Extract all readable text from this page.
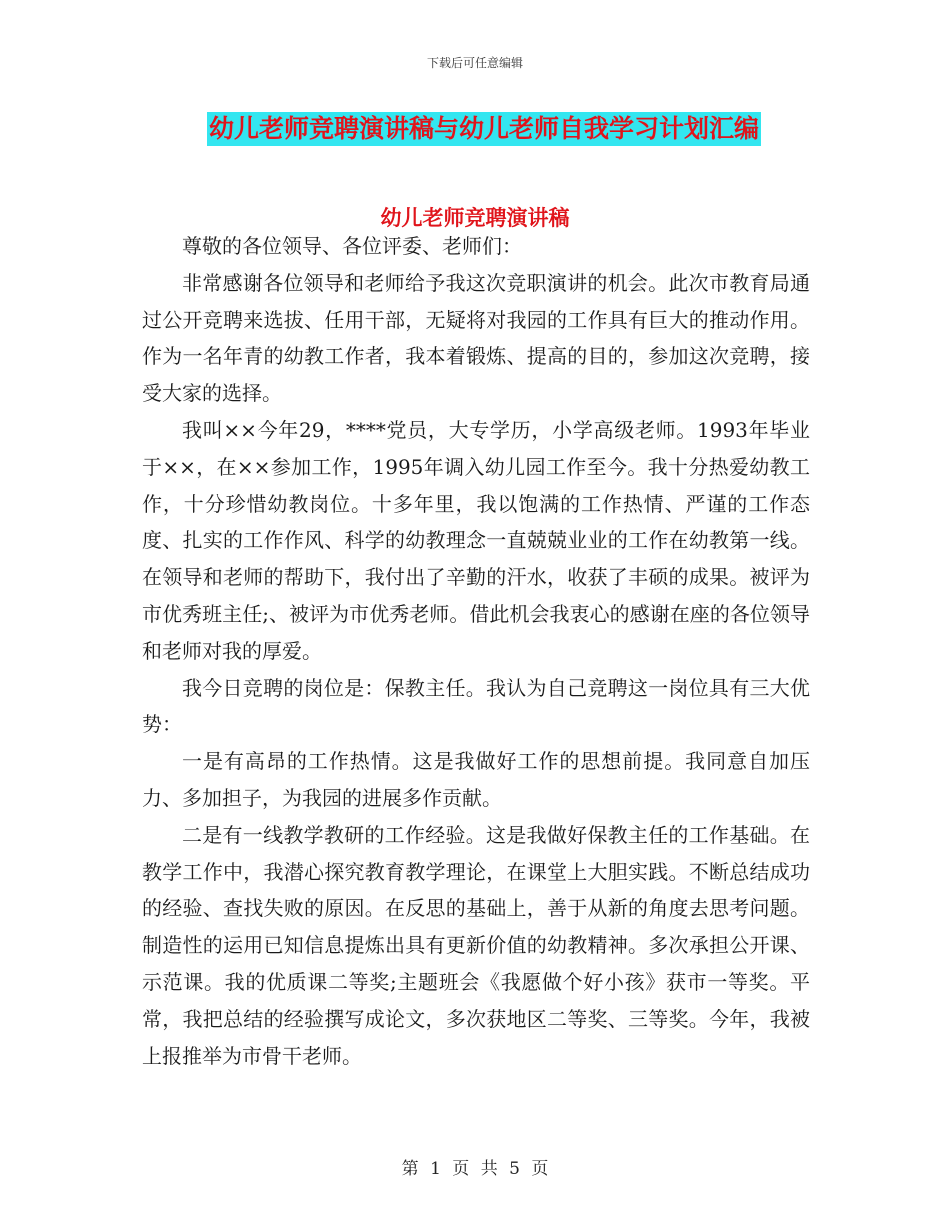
下载后可任意编辑
幼儿老师竞聘演讲稿与幼儿老师自我学习计划汇编
幼儿老师竞聘演讲稿

尊敬的各位领导、各位评委、老师们：

非常感谢各位领导和老师给予我这次竞职演讲的机会。此次市教育局通过公开竞聘来选拔、任用干部，无疑将对我园的工作具有巨大的推动作用。作为一名年青的幼教工作者，我本着锻炼、提高的目的，参加这次竞聘，接受大家的选择。

我叫××今年29，****党员，大专学历，小学高级老师。1993年毕业于××，在××参加工作，1995年调入幼儿园工作至今。我十分热爱幼教工作，十分珍惜幼教岗位。十多年里，我以饱满的工作热情、严谨的工作态度、扎实的工作作风、科学的幼教理念一直兢兢业业的工作在幼教第一线。在领导和老师的帮助下，我付出了辛勤的汗水，收获了丰硕的成果。被评为市优秀班主任;、被评为市优秀老师。借此机会我衷心的感谢在座的各位领导和老师对我的厚爱。

我今日竞聘的岗位是：保教主任。我认为自己竞聘这一岗位具有三大优势：

一是有高昂的工作热情。这是我做好工作的思想前提。我同意自加压力、多加担子，为我园的进展多作贡献。

二是有一线教学教研的工作经验。这是我做好保教主任的工作基础。在教学工作中，我潜心探究教育教学理论，在课堂上大胆实践。不断总结成功的经验、查找失败的原因。在反思的基础上，善于从新的角度去思考问题。制造性的运用已知信息提炼出具有更新价值的幼教精神。多次承担公开课、示范课。我的优质课二等奖;主题班会《我愿做个好小孩》获市一等奖。平常，我把总结的经验撰写成论文，多次获地区二等奖、三等奖。今年，我被上报推举为市骨干老师。

第 1 页 共 5 页
